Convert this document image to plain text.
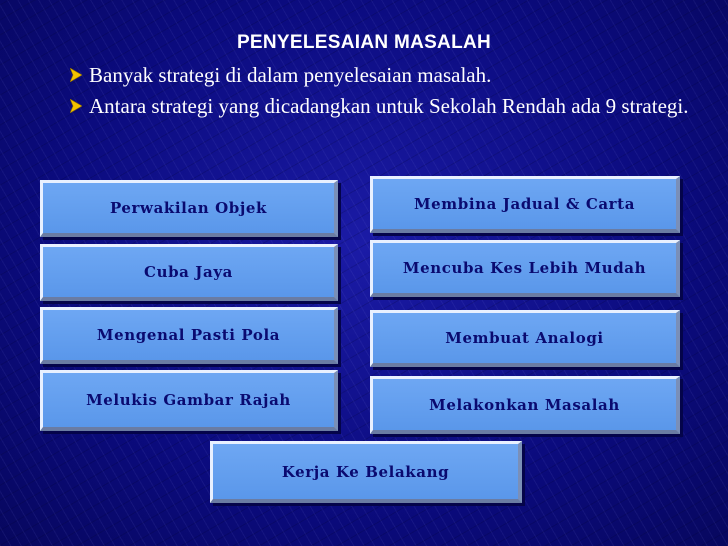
PENYELESAIAN MASALAH
Banyak strategi di dalam penyelesaian masalah.
Antara strategi yang dicadangkan untuk Sekolah Rendah ada 9 strategi.
Perwakilan Objek	Membina Jadual & Carta
Cuba Jaya	Mencuba Kes Lebih Mudah
Mengenal Pasti Pola	Membuat Analogi
Melukis Gambar Rajah	Melakonkan Masalah
Kerja Ke Belakang
